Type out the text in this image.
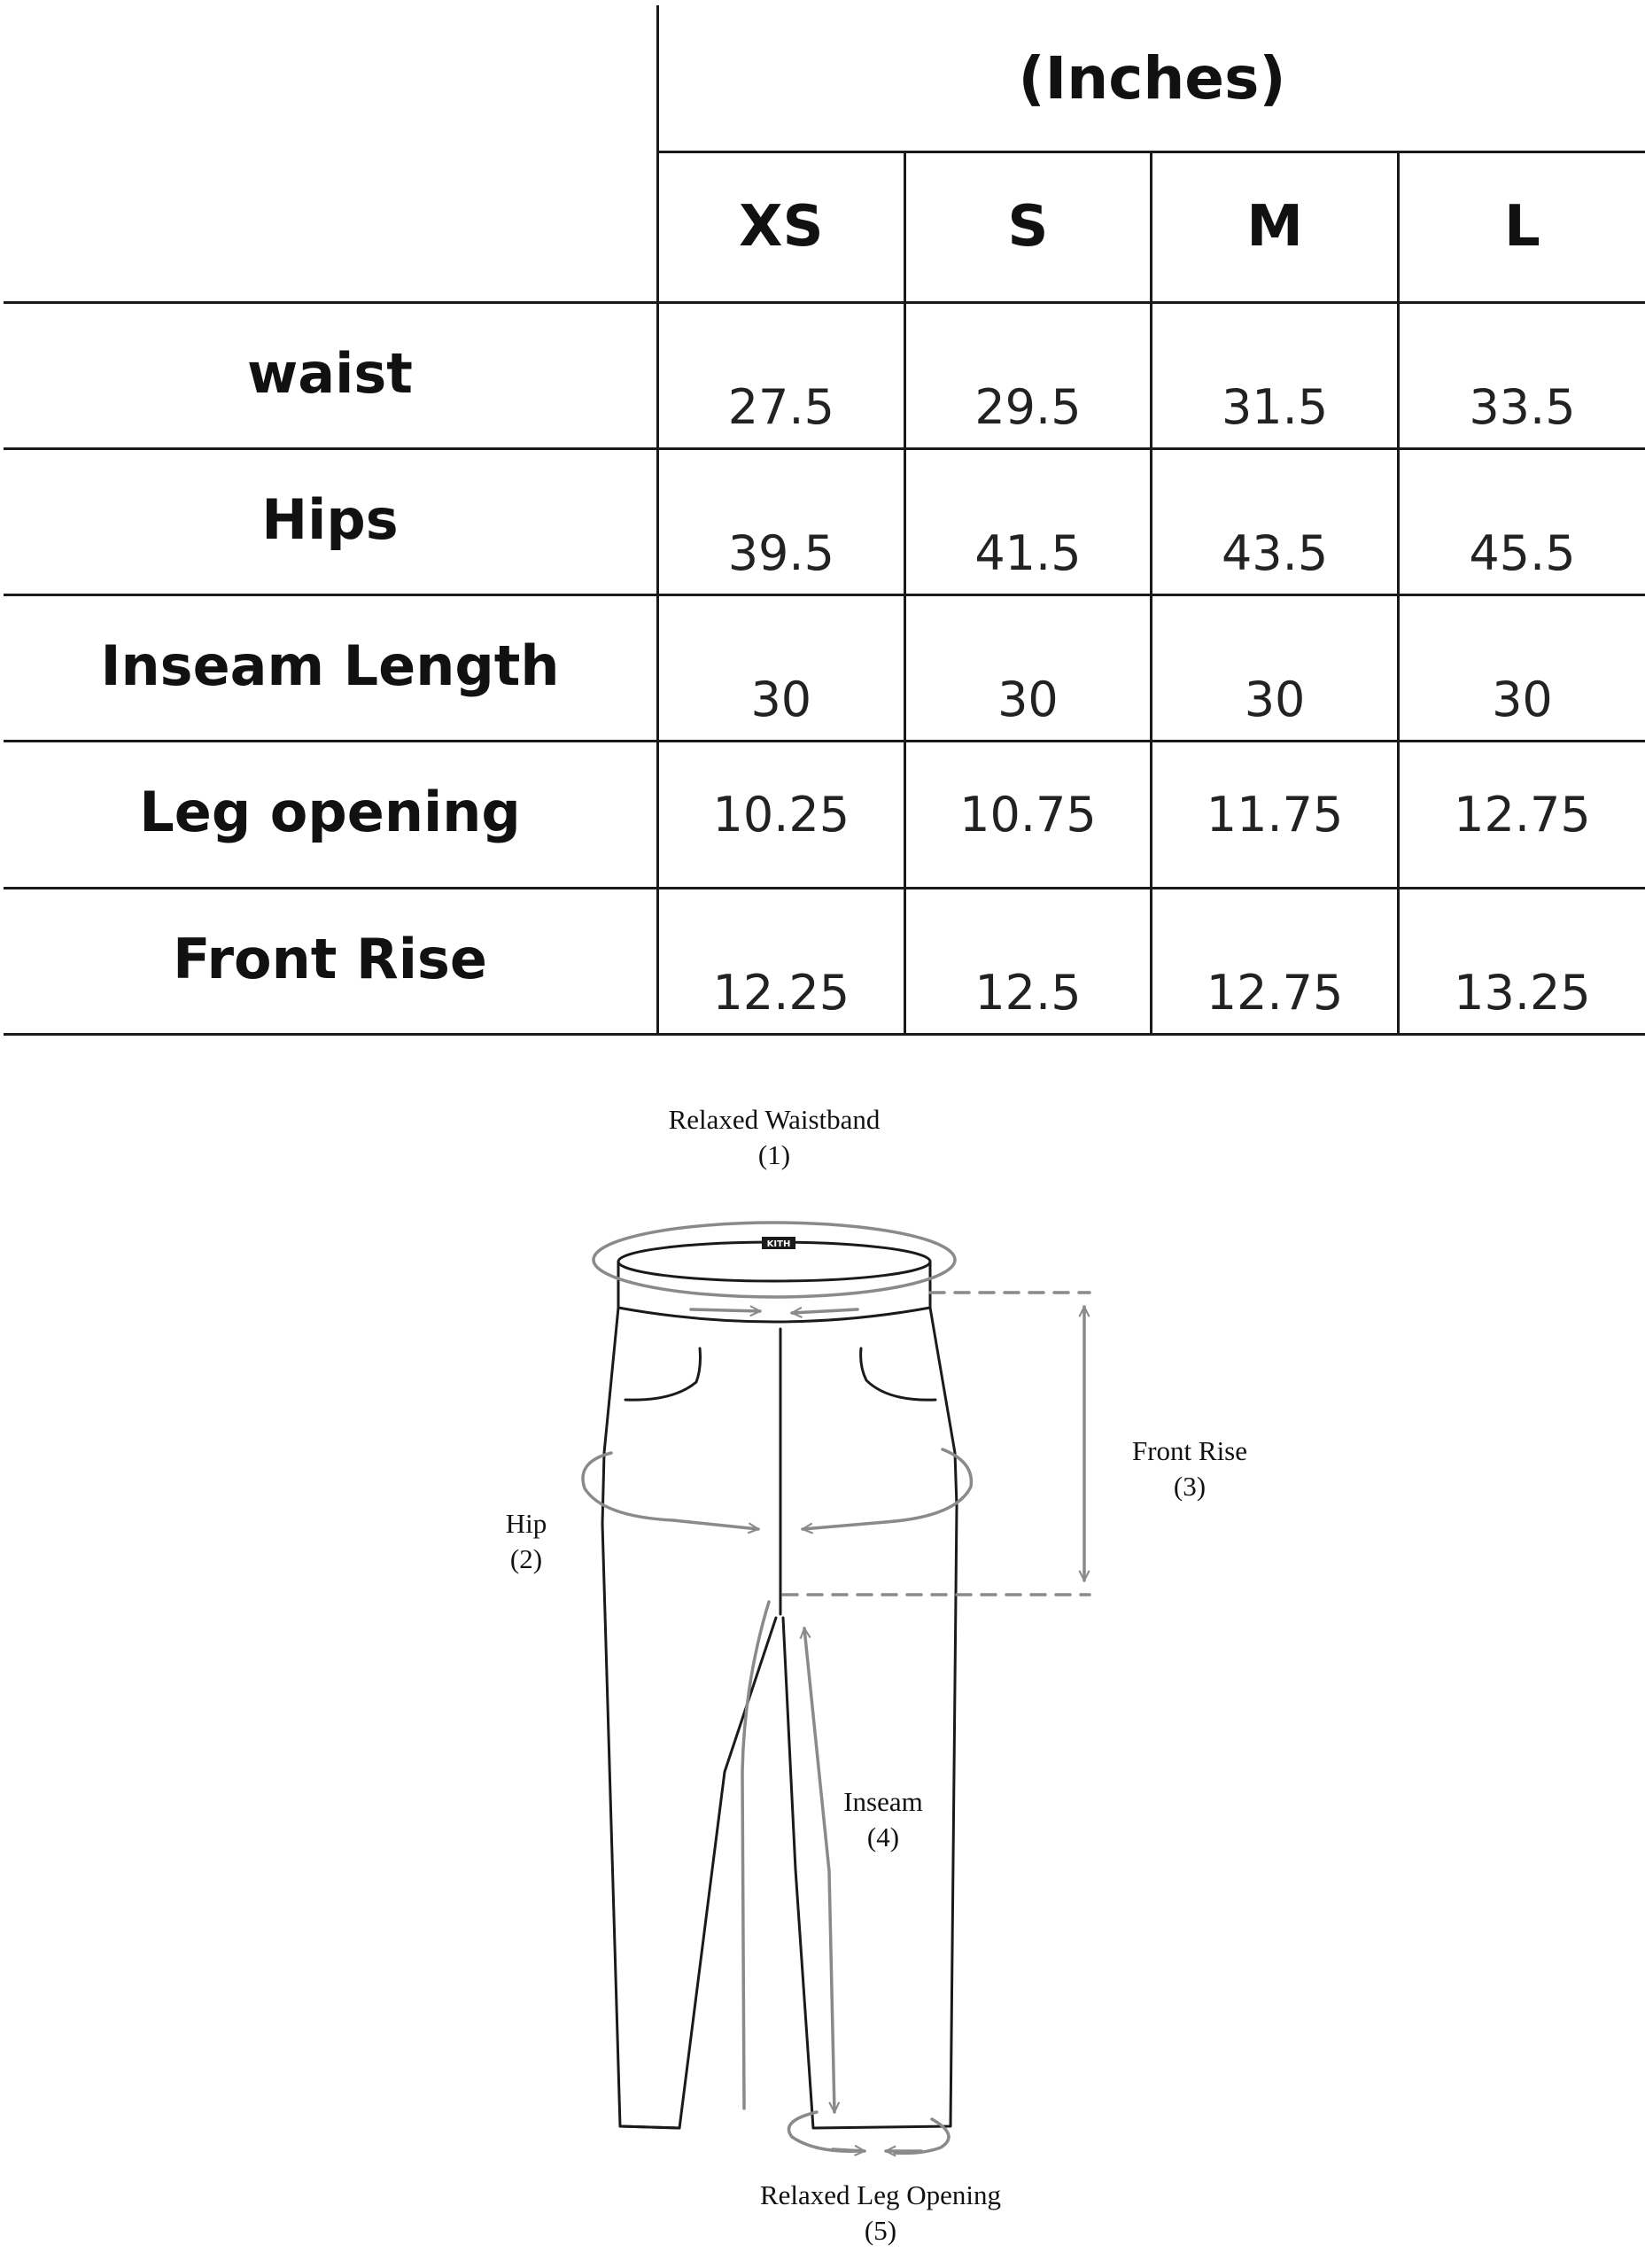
	(Inches)			
	XS	S	M	L
waist	27.5	29.5	31.5	33.5
Hips	39.5	41.5	43.5	45.5
Inseam Length	30	30	30	30
Leg opening	10.25	10.75	11.75	12.75
Front Rise	12.25	12.5	12.75	13.25
KITH
Relaxed Waistband
(1)
Hip
(2)
Front Rise
(3)
Inseam
(4)
Relaxed Leg Opening
(5)
